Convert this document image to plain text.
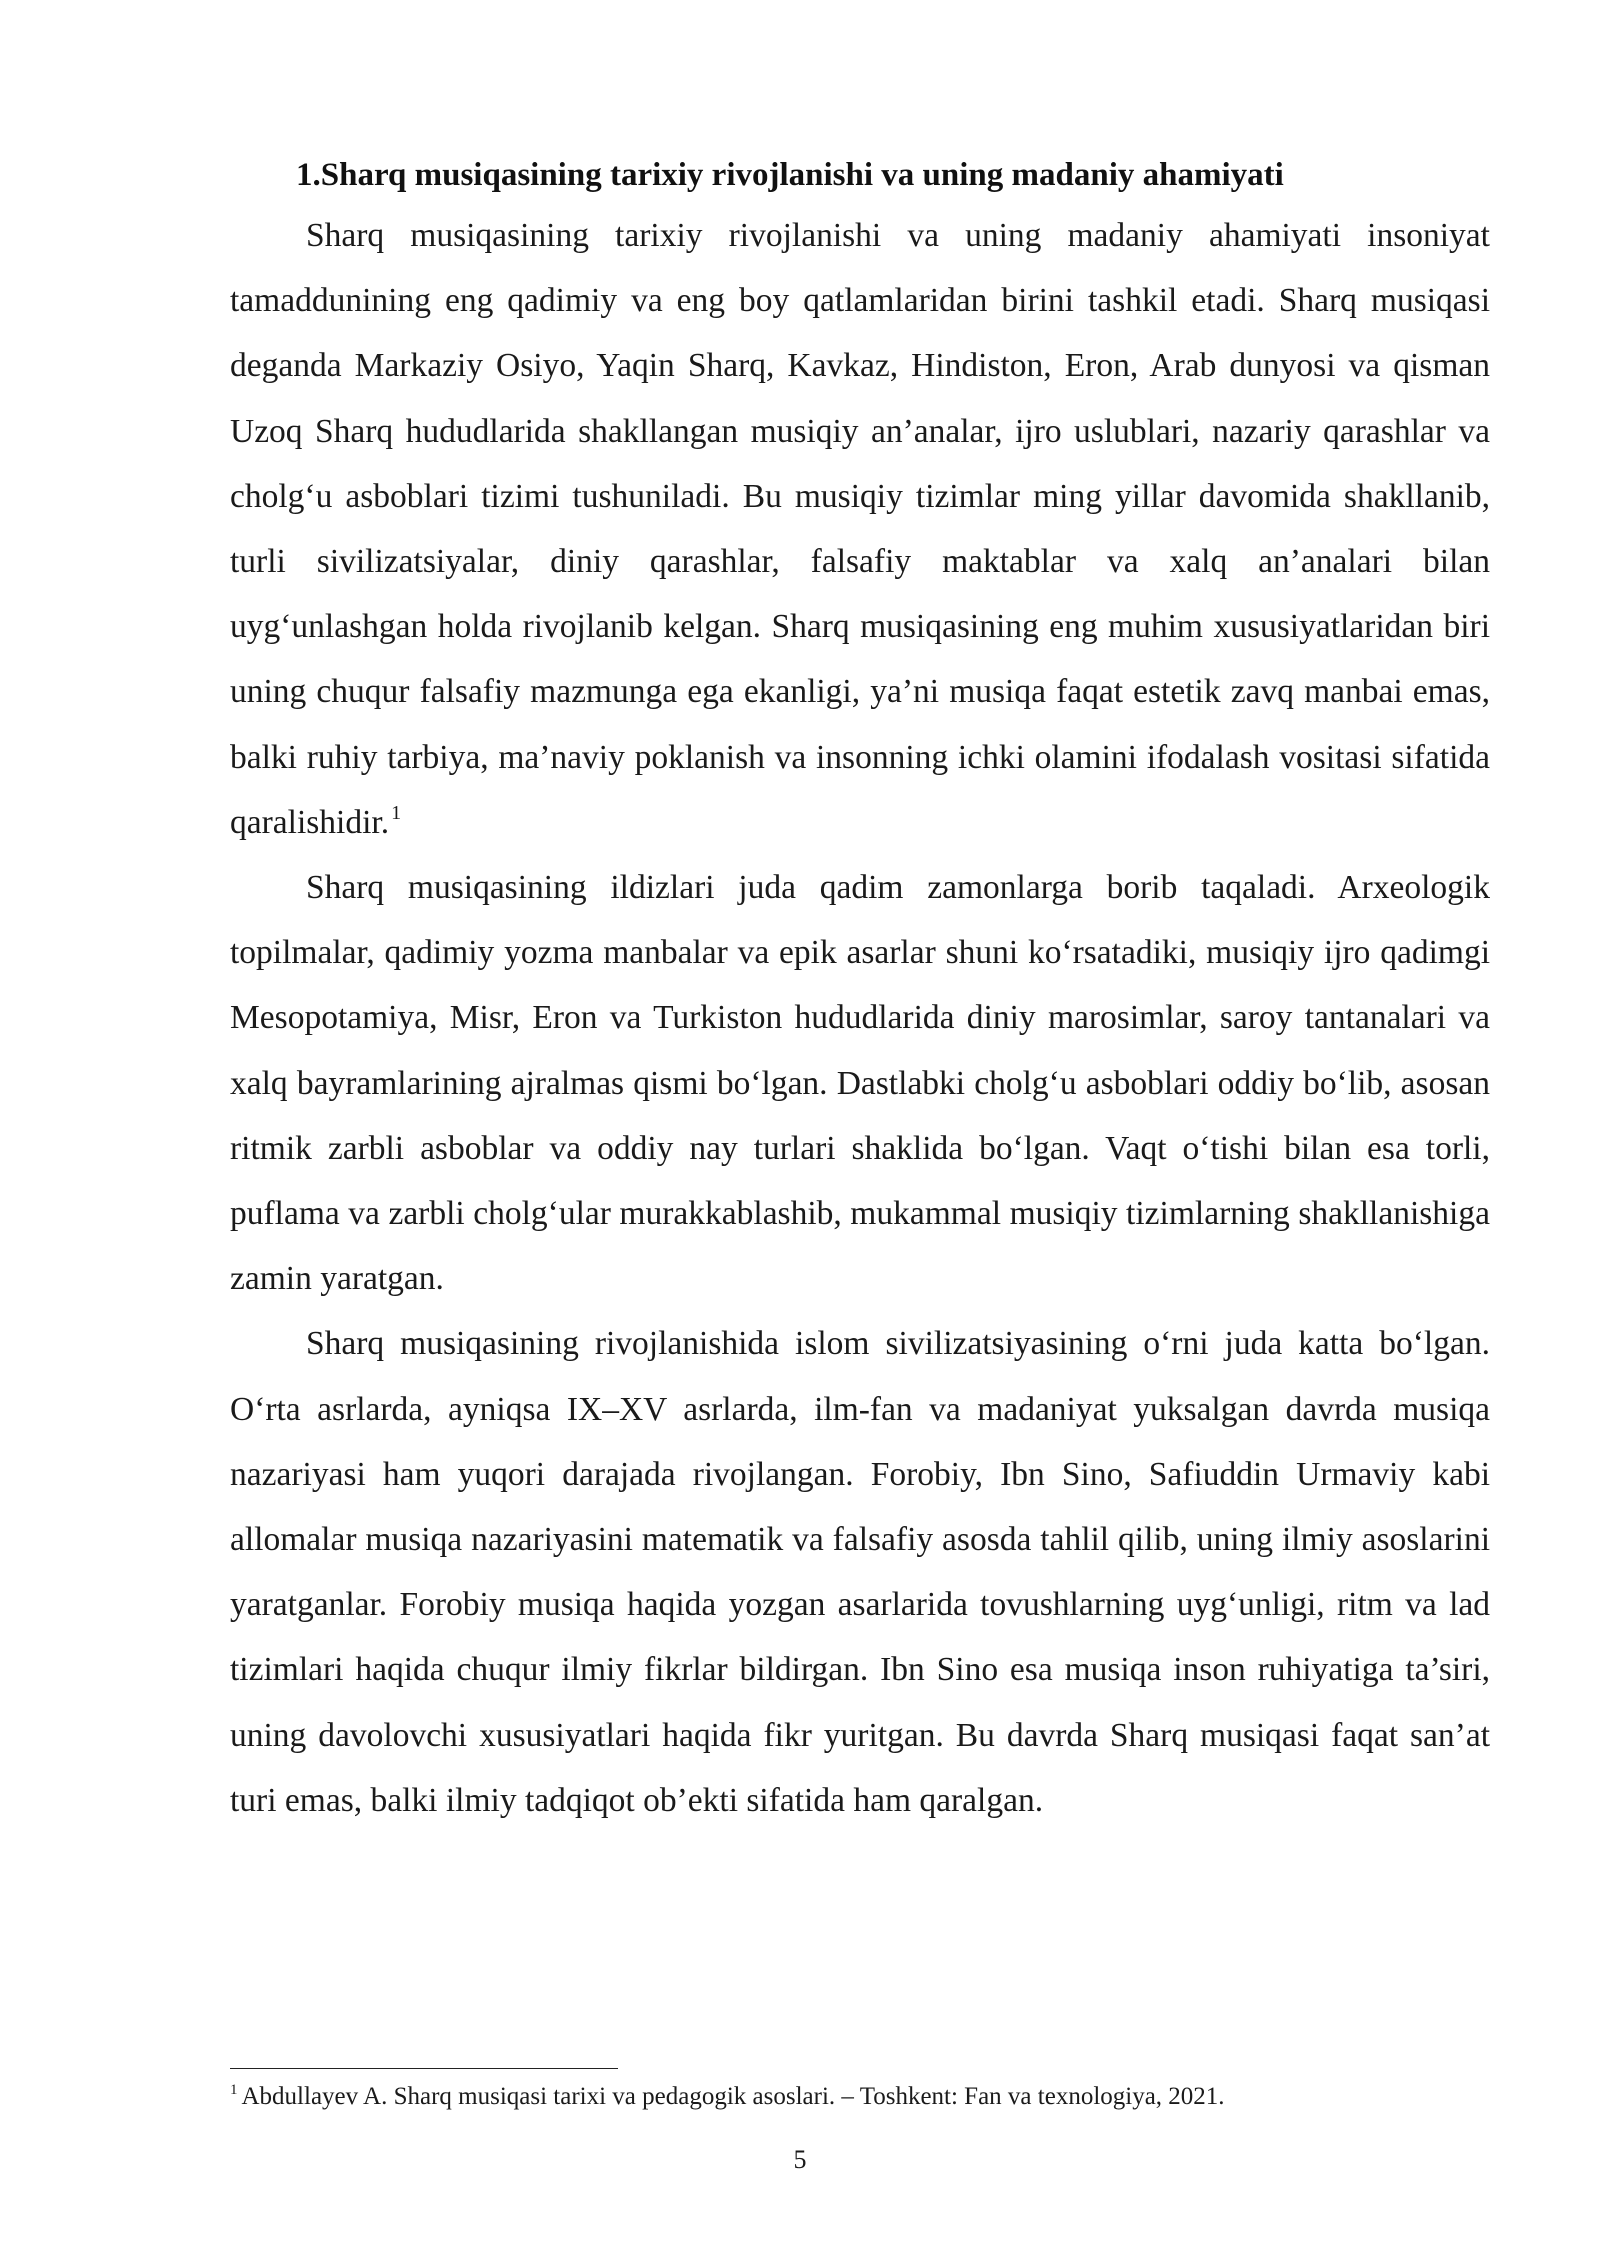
1.Sharq musiqasining tarixiy rivojlanishi va uning madaniy ahamiyati

Sharq musiqasining tarixiy rivojlanishi va uning madaniy ahamiyati insoniyat tamaddunining eng qadimiy va eng boy qatlamlaridan birini tashkil etadi. Sharq musiqasi deganda Markaziy Osiyo, Yaqin Sharq, Kavkaz, Hindiston, Eron, Arab dunyosi va qisman Uzoq Sharq hududlarida shakllangan musiqiy an’analar, ijro uslublari, nazariy qarashlar va cholg‘u asboblari tizimi tushuniladi. Bu musiqiy tizimlar ming yillar davomida shakllanib, turli sivilizatsiyalar, diniy qarashlar, falsafiy maktablar va xalq an’analari bilan uyg‘unlashgan holda rivojlanib kelgan. Sharq musiqasining eng muhim xususiyatlaridan biri uning chuqur falsafiy mazmunga ega ekanligi, ya’ni musiqa faqat estetik zavq manbai emas, balki ruhiy tarbiya, ma’naviy poklanish va insonning ichki olamini ifodalash vositasi sifatida qaralishidir. $^1$

Sharq musiqasining ildizlari juda qadim zamonlarga borib taqaladi. Arxeologik topilmalar, qadimiy yozma manbalar va epik asarlar shuni ko‘rsatadiki, musiqiy ijro qadimgi Mesopotamiya, Misr, Eron va Turkiston hududlarida diniy marosimlar, saroy tantanalari va xalq bayramlarining ajralmas qismi bo‘lgan. Dastlabki cholg‘u asboblari oddiy bo‘lib, asosan ritmik zarbli asboblar va oddiy nay turlari shaklida bo‘lgan. Vaqt o‘tishi bilan esa torli, puflama va zarbli cholg‘ular murakkablashib, mukammal musiqiy tizimlarning shakllanishiga zamin yaratgan.

Sharq musiqasining rivojlanishida islom sivilizatsiyasining o‘rni juda katta bo‘lgan. O‘rta asrlarda, ayniqsa IX–XV asrlarda, ilm-fan va madaniyat yuksalgan davrda musiqa nazariyasi ham yuqori darajada rivojlangan. Forobiy, Ibn Sino, Safiuddin Urmaviy kabi allomalar musiqa nazariyasini matematik va falsafiy asosda tahlil qilib, uning ilmiy asoslarini yaratganlar. Forobiy musiqa haqida yozgan asarlarida tovushlarning uyg‘unligi, ritm va lad tizimlari haqida chuqur ilmiy fikrlar bildirgan. Ibn Sino esa musiqa inson ruhiyatiga ta’siri, uning davolovchi xususiyatlari haqida fikr yuritgan. Bu davrda Sharq musiqasi faqat san’at turi emas, balki ilmiy tadqiqot ob’ekti sifatida ham qaralgan.

$^1$ Abdullayev A. Sharq musiqasi tarixi va pedagogik asoslari. – Toshkent: Fan va texnologiya, 2021.
5
